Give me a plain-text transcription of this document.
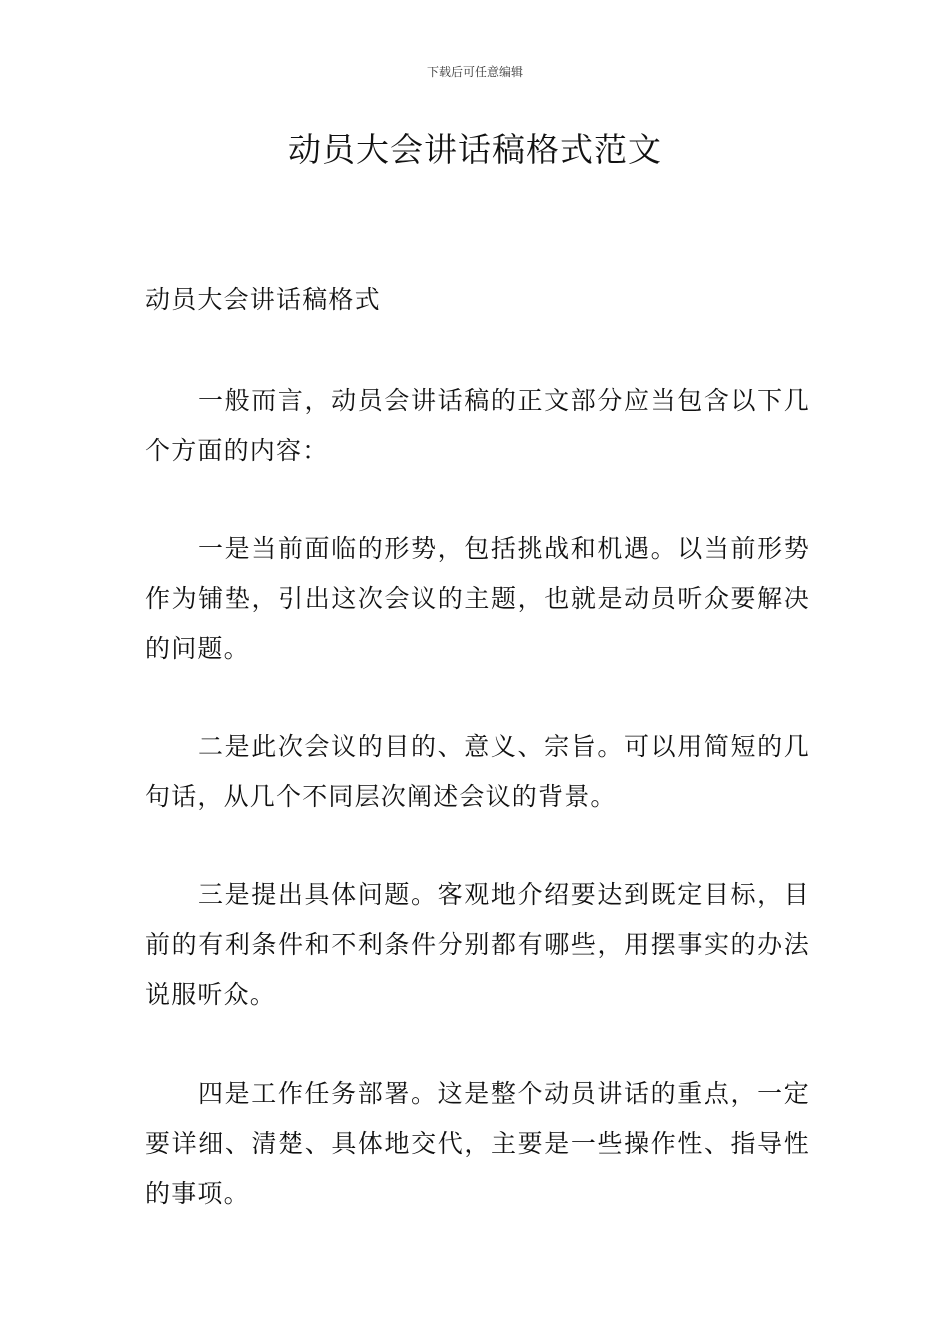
下载后可任意编辑
动员大会讲话稿格式范文

动员大会讲话稿格式

一般而言，动员会讲话稿的正文部分应当包含以下几个方面的内容：

一是当前面临的形势，包括挑战和机遇。以当前形势作为铺垫，引出这次会议的主题，也就是动员听众要解决的问题。

二是此次会议的目的、意义、宗旨。可以用简短的几句话，从几个不同层次阐述会议的背景。

三是提出具体问题。客观地介绍要达到既定目标，目前的有利条件和不利条件分别都有哪些，用摆事实的办法说服听众。

四是工作任务部署。这是整个动员讲话的重点，一定要详细、清楚、具体地交代，主要是一些操作性、指导性的事项。
